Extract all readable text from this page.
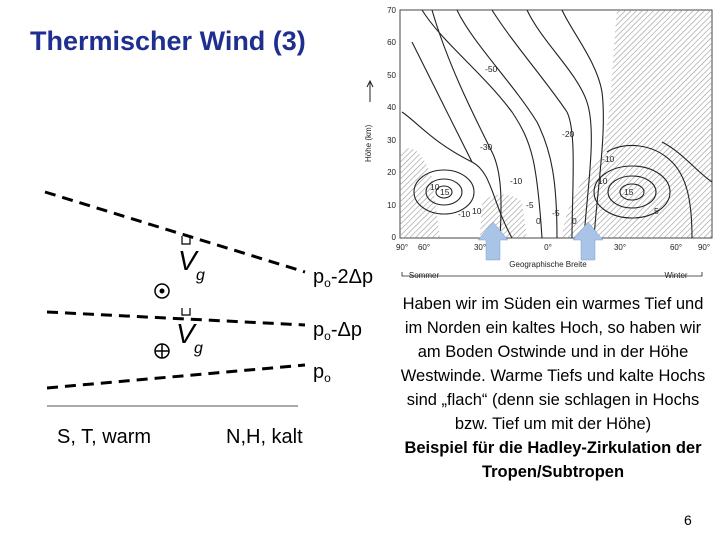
Thermischer Wind (3)
-50
-30
-10
10
10
15	15
-5
0	0
-5
-10
10	5
-20
-10
70
60
50
40
30
20
10
0
Höhe (km)
90° 60°	30°	0°	30°	60° 90°
Sommer
Geographische Breite
Winter
V g
V g
$p_o-2\Delta p$
$p_o-\Delta p$
$p_o$
S, T, warm	N,H, kalt

Haben wir im Süden ein warmes Tief und im Norden ein kaltes Hoch, so haben wir am Boden Ostwinde und in der Höhe Westwinde. Warme Tiefs und kalte Hochs sind „flach“ (denn sie schlagen in Hochs bzw. Tief um mit der Höhe)

Beispiel für die Hadley-Zirkulation der Tropen/Subtropen

6
